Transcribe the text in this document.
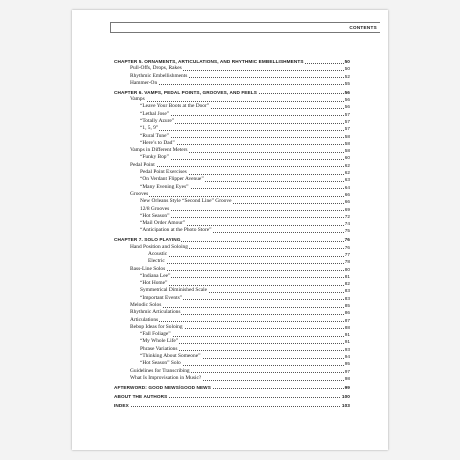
CONTENTS
CHAPTER 5. ORNAMENTS, ARTICULATIONS, AND RHYTHMIC EMBELLISHMENTS	50
Pull-Offs, Drops, Rakes	50
Rhythmic Embellishments	52
Hammer-On	55
CHAPTER 6. VAMPS, PEDAL POINTS, GROOVES, AND FEELS	56
Vamps	56
“Leave Your Boots at the Door”	56
“Lethal Jose”	57
“Totally Azure”	57
“1, 5, 9”	57
“Rural Tune”	58
“Here’s to Dad”	58
Vamps in Different Meters	58
“Funky Bop”	60
Pedal Point	62
Pedal Point Exercises	62
“On Verdant Flipper Avenue”	63
“Many Evening Eyes”	64
Grooves	66
New Orleans Style “Second Line” Groove	66
12/8 Grooves	69
“Hot Season”	72
“Mail Order Amour”	74
“Anticipation at the Photo Store”	75
CHAPTER 7. SOLO PLAYING	76
Hand Position and Soloing	76
Acoustic	77
Electric	78
Bass-Line Solos	80
“Indiana Lee”	81
“Hot Home”	82
Symmetrical Diminished Scale	83
“Important Events”	83
Melodic Solos	85
Rhythmic Articulations	86
Articulations	87
Bebop Ideas for Soloing	88
“Fall Foliage”	91
“My Whole Life”	91
Phrase Variations	93
“Thinking About Someone”	94
“Hot Season” Solo	95
Guidelines for Transcribing	97
What Is Improvisation in Music?	98
AFTERWORD: GOOD NEWS/GOOD NEWS	99
ABOUT THE AUTHORS	100
INDEX	103
